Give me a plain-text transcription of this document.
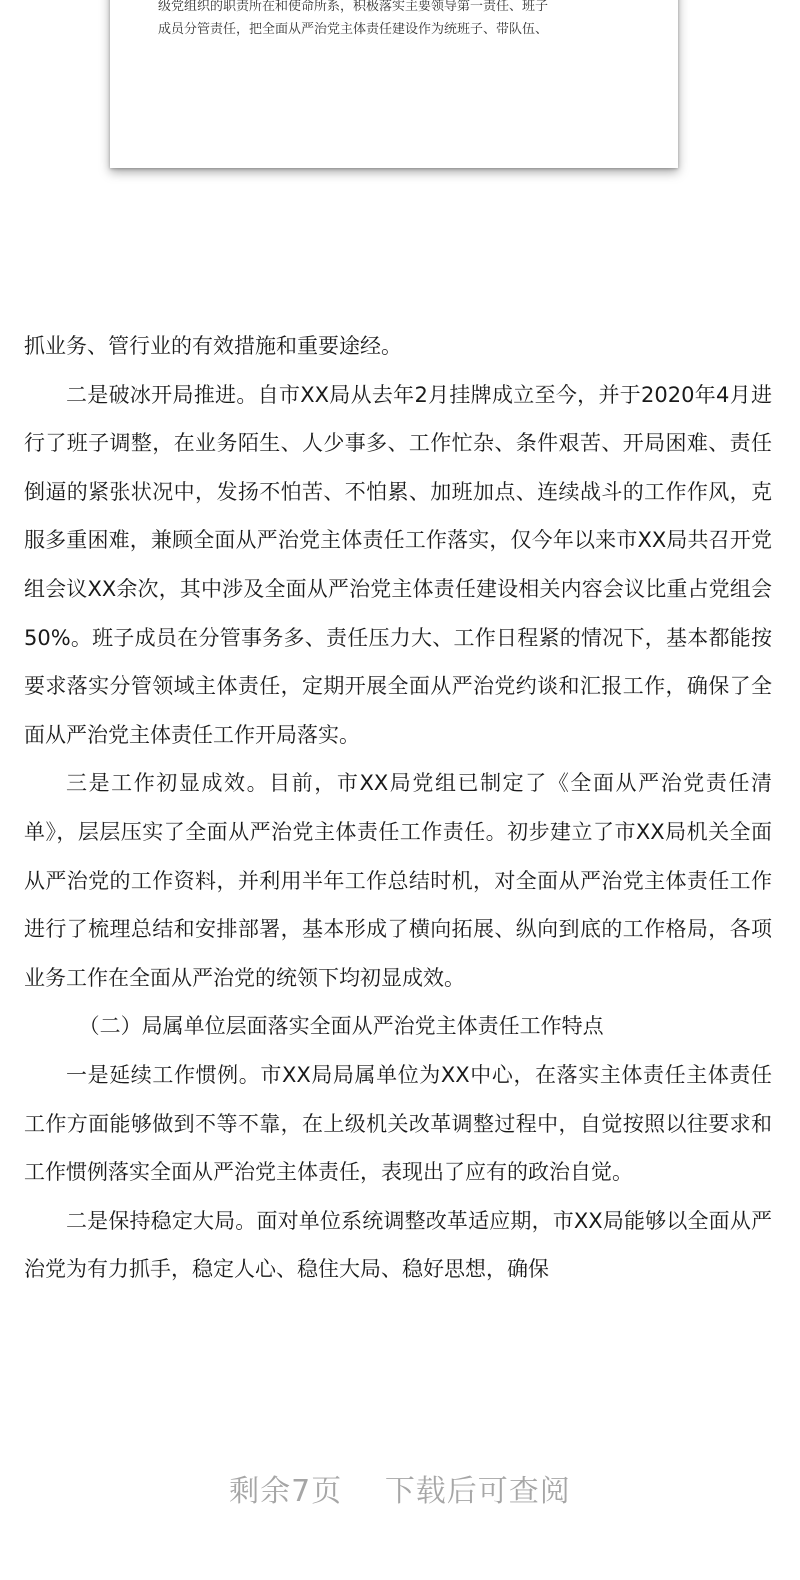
级党组织的职责所在和使命所系，积极落实主要领导第一责任、班子
成员分管责任，把全面从严治党主体责任建设作为统班子、带队伍、

抓业务、管行业的有效措施和重要途经。

二是破冰开局推进。自市XX局从去年2月挂牌成立至今，并于2020年4月进行了班子调整，在业务陌生、人少事多、工作忙杂、条件艰苦、开局困难、责任倒逼的紧张状况中，发扬不怕苦、不怕累、加班加点、连续战斗的工作作风，克服多重困难，兼顾全面从严治党主体责任工作落实，仅今年以来市XX局共召开党组会议XX余次，其中涉及全面从严治党主体责任建设相关内容会议比重占党组会50%。班子成员在分管事务多、责任压力大、工作日程紧的情况下，基本都能按要求落实分管领域主体责任，定期开展全面从严治党约谈和汇报工作，确保了全面从严治党主体责任工作开局落实。

三是工作初显成效。目前，市XX局党组已制定了《全面从严治党责任清单》，层层压实了全面从严治党主体责任工作责任。初步建立了市XX局机关全面从严治党的工作资料，并利用半年工作总结时机，对全面从严治党主体责任工作进行了梳理总结和安排部署，基本形成了横向拓展、纵向到底的工作格局，各项业务工作在全面从严治党的统领下均初显成效。

（二）局属单位层面落实全面从严治党主体责任工作特点

一是延续工作惯例。市XX局局属单位为XX中心，在落实主体责任主体责任工作方面能够做到不等不靠，在上级机关改革调整过程中，自觉按照以往要求和工作惯例落实全面从严治党主体责任，表现出了应有的政治自觉。

二是保持稳定大局。面对单位系统调整改革适应期，市XX局能够以全面从严治党为有力抓手，稳定人心、稳住大局、稳好思想，确保

剩余7页 下载后可查阅
